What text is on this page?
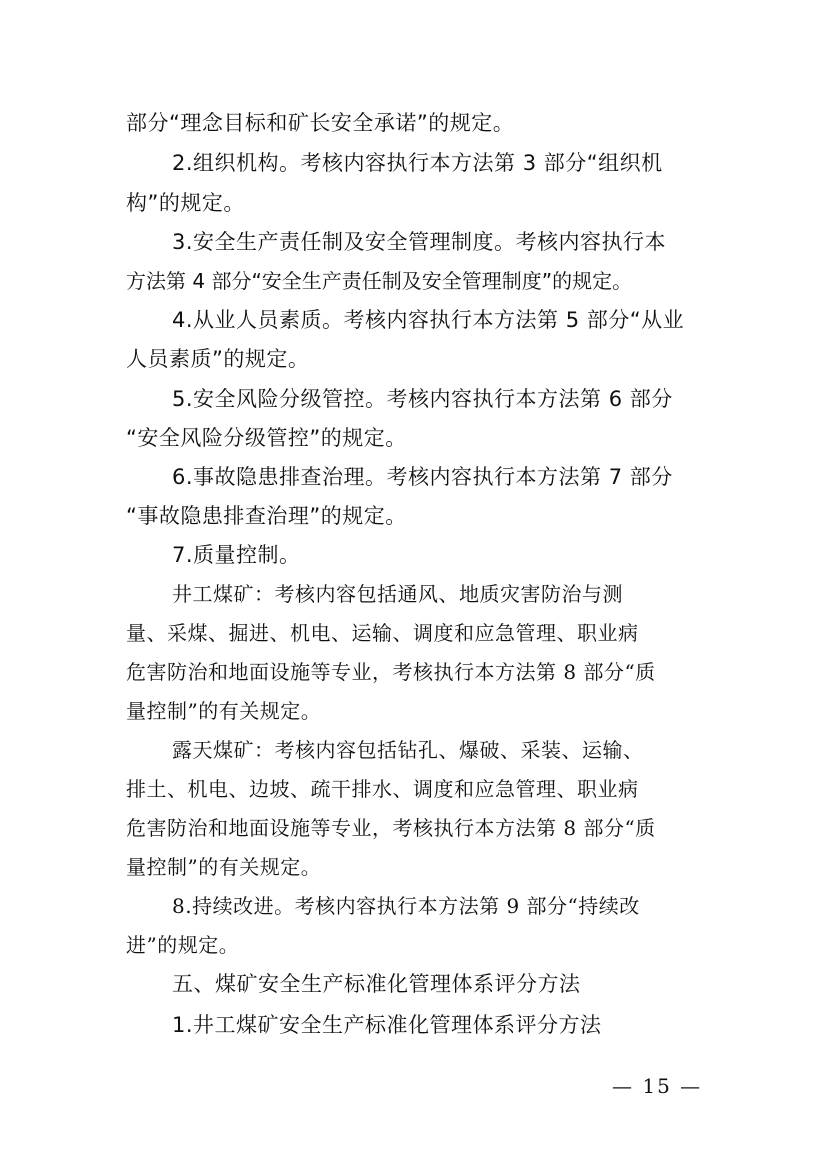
部分“理念目标和矿长安全承诺”的规定。
2.组织机构。考核内容执行本方法第 3 部分“组织机
构”的规定。
3.安全生产责任制及安全管理制度。考核内容执行本
方法第 4 部分“安全生产责任制及安全管理制度”的规定。
4.从业人员素质。考核内容执行本方法第 5 部分“从业
人员素质”的规定。
5.安全风险分级管控。考核内容执行本方法第 6 部分
“安全风险分级管控”的规定。
6.事故隐患排查治理。考核内容执行本方法第 7 部分
“事故隐患排查治理”的规定。
7.质量控制。
井工煤矿：考核内容包括通风、地质灾害防治与测
量、采煤、掘进、机电、运输、调度和应急管理、职业病
危害防治和地面设施等专业，考核执行本方法第 8 部分“质
量控制”的有关规定。
露天煤矿：考核内容包括钻孔、爆破、采装、运输、
排土、机电、边坡、疏干排水、调度和应急管理、职业病
危害防治和地面设施等专业，考核执行本方法第 8 部分“质
量控制”的有关规定。
8.持续改进。考核内容执行本方法第 9 部分“持续改
进”的规定。
五、煤矿安全生产标准化管理体系评分方法
1.井工煤矿安全生产标准化管理体系评分方法
— 15 —
